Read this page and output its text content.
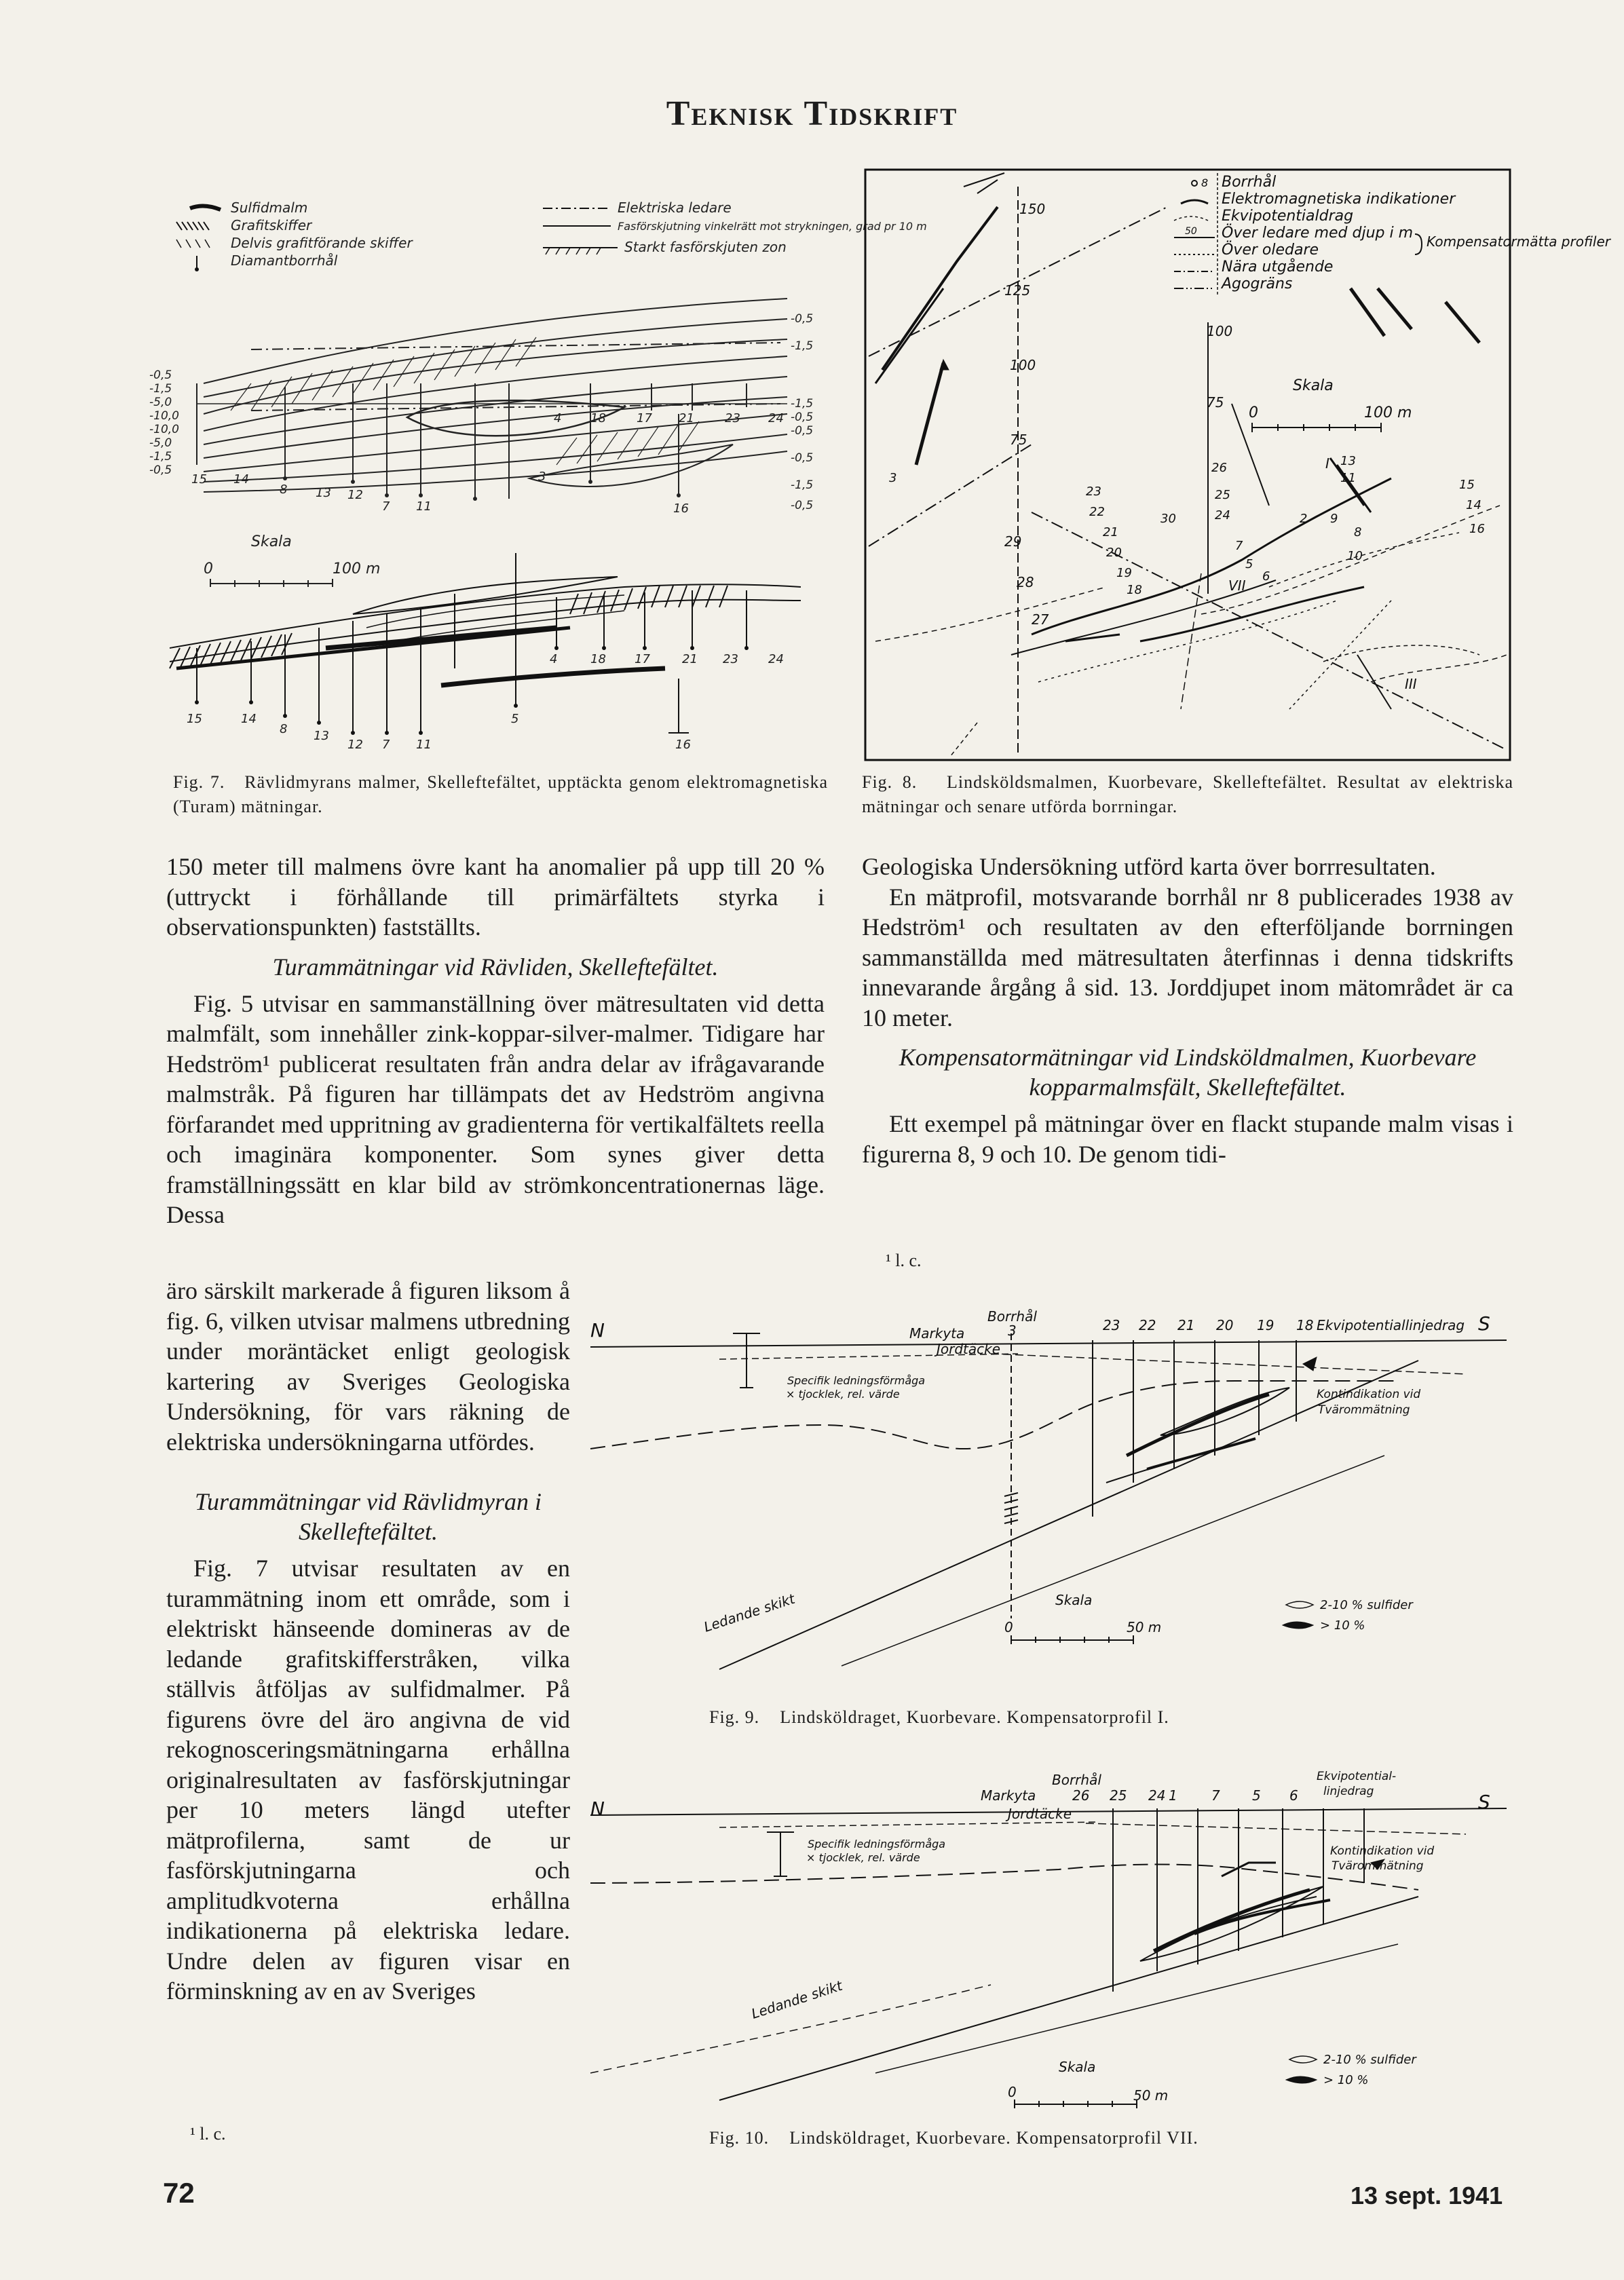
Teknisk Tidskrift
Sulfidmalm
Grafitskiffer
Delvis grafitförande skiffer
Diamantborrhål
Elektriska ledare
Fasförskjutning vinkelrätt mot strykningen, grad pr 10 m
Starkt fasförskjuten zon
-0,5
-1,5
-5,0
-10,0
-10,0
-5,0
-1,5
-0,5
-0,5
-1,5
-1,5
-0,5
-0,5
-0,5
-1,5
-0,5
15 14
8 13 12
7 11
3
4 18	17 21	23 24
16
Skala
0	100 m
15	14
8 13
12 7 11
5
4	18 17	21 23 24
16
Fig. 7. Rävlidmyrans malmer, Skelleftefältet, upptäckta genom elektromagnetiska (Turam) mätningar.
8 Borrhål
Elektromagnetiska indikationer
Ekvipotentialdrag
50 Över ledare med djup i m
Över oledare
Nära utgående
Agogräns
Kompensatormätta profiler
150
125
100
75
100
75
29
28
27
3
23
22
21
20
19
18
30
26
25
24
7
5
6
2 9
8
10
11
13
15
14
16
VII
III
I
Skala
0	100 m
Fig. 8. Lindsköldsmalmen, Kuorbevare, Skelleftefältet. Resultat av elektriska mätningar och senare utförda borrningar.

150 meter till malmens övre kant ha anomalier på upp till 20 % (uttryckt i förhållande till primärfältets styrka i observationspunkten) fastställts.

Turammätningar vid Rävliden, Skelleftefältet.

Fig. 5 utvisar en sammanställning över mätresultaten vid detta malmfält, som innehåller zink-koppar-silver-malmer. Tidigare har Hedström¹ publicerat resultaten från andra delar av ifrågavarande malmstråk. På figuren har tillämpats det av Hedström angivna förfarandet med uppritning av gradienterna för vertikalfältets reella och imaginära komponenter. Som synes giver detta framställningssätt en klar bild av strömkoncentrationernas läge. Dessa

äro särskilt markerade å figuren liksom å fig. 6, vilken utvisar malmens utbredning under moräntäcket enligt geologisk kartering av Sveriges Geologiska Undersökning, för vars räkning de elektriska undersökningarna utfördes.

Turammätningar vid Rävlidmyran i Skelleftefältet.

Fig. 7 utvisar resultaten av en turammätning inom ett område, som i elektriskt hänseende domineras av de ledande grafitskifferstråken, vilka ställvis åtföljas av sulfidmalmer. På figurens övre del äro angivna de vid rekognosceringsmätningarna erhållna originalresultaten av fasförskjutningar per 10 meters längd utefter mätprofilerna, samt de ur fasförskjutningarna och amplitudkvoterna erhållna indikationerna på elektriska ledare. Undre delen av figuren visar en förminskning av en av Sveriges

¹ l. c.

Geologiska Undersökning utförd karta över borrresultaten.

En mätprofil, motsvarande borrhål nr 8 publicerades 1938 av Hedström¹ och resultaten av den efterföljande borrningen sammanställda med mätresultaten återfinnas i denna tidskrifts innevarande årgång å sid. 13. Jorddjupet inom mätområdet är ca 10 meter.

Kompensatormätningar vid Lindsköldmalmen, Kuorbevare kopparmalmsfält, Skelleftefältet.

Ett exempel på mätningar över en flackt stupande malm visas i figurerna 8, 9 och 10. De genom tidi-

¹ l. c.
N	S
Borrhål
Markyta
Jordtäcke
3	23 22 21 20 19 18 Ekvipotentiallinjedrag
Specifik ledningsförmåga
× tjocklek, rel. värde	Kontindikation vid
Tvärommätning
Ledande skikt	Skala
0	50 m
2-10 % sulfider
> 10 %
Fig. 9. Lindsköldraget, Kuorbevare. Kompensatorprofil I.
N	S
Borrhål
Markyta
Jordtäcke
26 25 24 1	7 5 6
Ekvipotential-
linjedrag
Specifik ledningsförmåga
× tjocklek, rel. värde	Kontindikation vid
Tvärommätning
Ledande skikt
Skala
0	50 m
2-10 % sulfider
> 10 %
Fig. 10. Lindsköldraget, Kuorbevare. Kompensatorprofil VII.
72	13 sept. 1941
